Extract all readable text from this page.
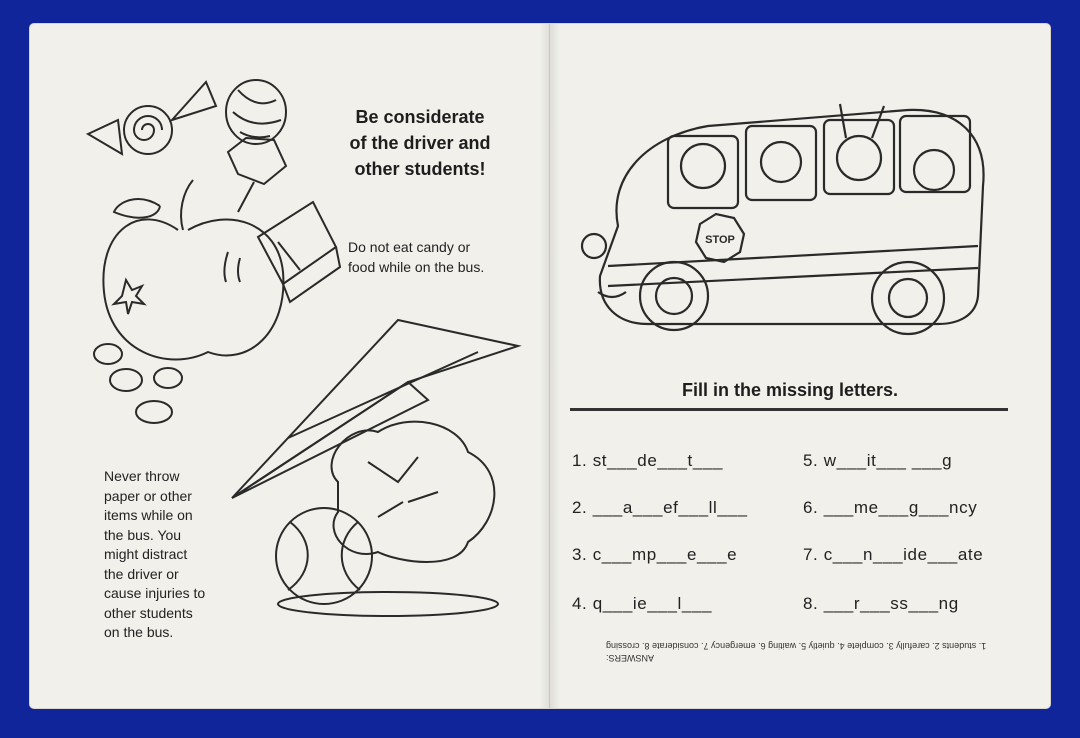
Be considerate
of the driver and
other students!
Do not eat candy or
food while on the bus.
Never throw
paper or other
items while on
the bus. You
might distract
the driver or
cause injuries to
other students
on the bus.
STOP
Fill in the missing letters.
1. st___de___t___
2. ___a___ef___ll___
3. c___mp___e___e
4. q___ie___l___
5. w___it___ ___g
6. ___me___g___ncy
7. c___n___ide___ate
8. ___r___ss___ng
ANSWERS:
1. students 2. carefully 3. complete 4. quietly 5. waiting 6. emergency 7. considerate 8. crossing
